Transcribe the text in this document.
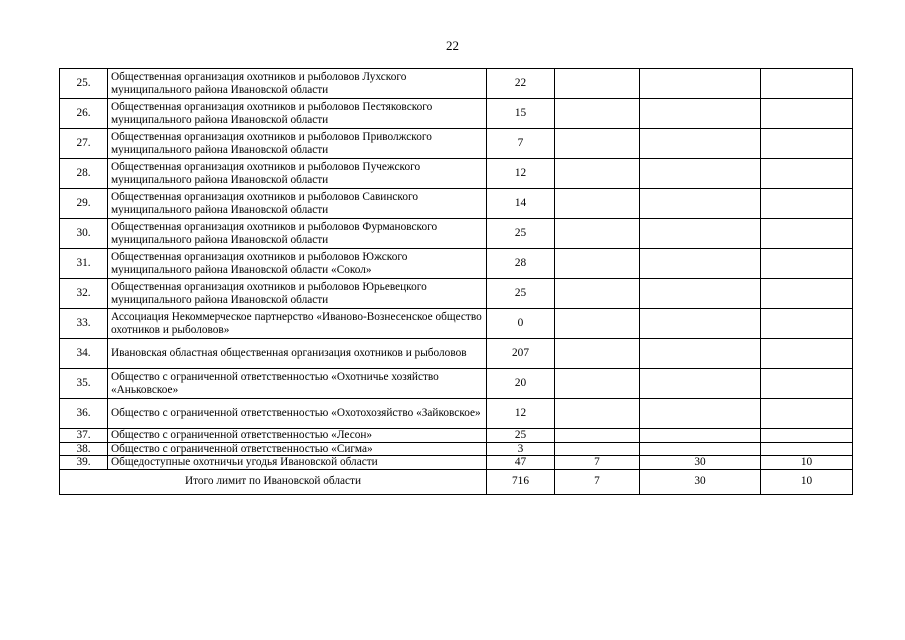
22
25.	Общественная организация охотников и рыболовов Лухского муниципального района Ивановской области	22			
26.	Общественная организация охотников и рыболовов Пестяковского муниципального района Ивановской области	15			
27.	Общественная организация охотников и рыболовов Приволжского муниципального района Ивановской области	7			
28.	Общественная организация охотников и рыболовов Пучежского муниципального района Ивановской области	12			
29.	Общественная организация охотников и рыболовов Савинского муниципального района Ивановской области	14			
30.	Общественная организация охотников и рыболовов Фурмановского муниципального района Ивановской области	25			
31.	Общественная организация охотников и рыболовов Южского муниципального района Ивановской области «Сокол»	28			
32.	Общественная организация охотников и рыболовов Юрьевецкого муниципального района Ивановской области	25			
33.	Ассоциация Некоммерческое партнерство «Иваново-Вознесенское общество охотников и рыболовов»	0			
34.	Ивановская областная общественная организация охотников и рыболовов	207			
35.	Общество с ограниченной ответственностью «Охотничье хозяйство «Аньковское»	20			
36.	Общество с ограниченной ответственностью «Охотохозяйство «Зайковское»	12			
37.	Общество с ограниченной ответственностью «Лесон»	25			
38.	Общество с ограниченной ответственностью «Сигма»	3			
39.	Общедоступные охотничьи угодья Ивановской области	47	7	30	10
Итого лимит по Ивановской области		716	7	30	10
